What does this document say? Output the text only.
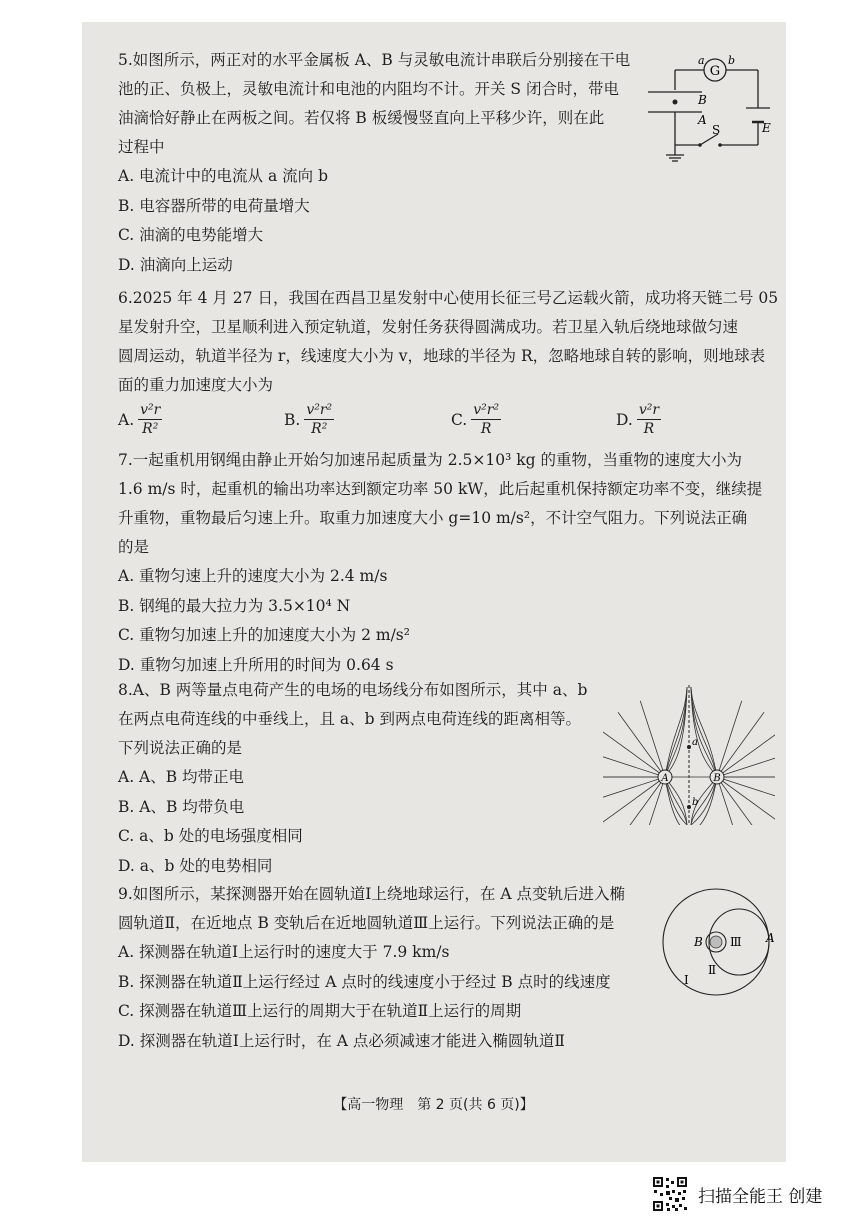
5.如图所示，两正对的水平金属板 A、B 与灵敏电流计串联后分别接在干电
池的正、负极上，灵敏电流计和电池的内阻均不计。开关 S 闭合时，带电
油滴恰好静止在两板之间。若仅将 B 板缓慢竖直向上平移少许，则在此
过程中
A. 电流计中的电流从 a 流向 b
B. 电容器所带的电荷量增大
C. 油滴的电势能增大
D. 油滴向上运动
G
a b
B
A
S	E
6.2025 年 4 月 27 日，我国在西昌卫星发射中心使用长征三号乙运载火箭，成功将天链二号 05
星发射升空，卫星顺利进入预定轨道，发射任务获得圆满成功。若卫星入轨后绕地球做匀速
圆周运动，轨道半径为 r，线速度大小为 v，地球的半径为 R，忽略地球自转的影响，则地球表
面的重力加速度大小为
A. $\frac{\text{v²r}}{\text{R²}}$	B. $\frac{\text{v²r²}}{\text{R²}}$	C. $\frac{\text{v²r²}}{R}$	D. $\frac{\text{v²r}}{R}$
7.一起重机用钢绳由静止开始匀加速吊起质量为 2.5×10³ kg 的重物，当重物的速度大小为
1.6 m/s 时，起重机的输出功率达到额定功率 50 kW，此后起重机保持额定功率不变，继续提
升重物，重物最后匀速上升。取重力加速度大小 g=10 m/s²，不计空气阻力。下列说法正确
的是
A. 重物匀速上升的速度大小为 2.4 m/s
B. 钢绳的最大拉力为 3.5×10⁴ N
C. 重物匀加速上升的加速度大小为 2 m/s²
D. 重物匀加速上升所用的时间为 0.64 s
8.A、B 两等量点电荷产生的电场的电场线分布如图所示，其中 a、b
在两点电荷连线的中垂线上，且 a、b 到两点电荷连线的距离相等。
下列说法正确的是
A. A、B 均带正电
B. A、B 均带负电
C. a、b 处的电场强度相同
D. a、b 处的电势相同
A	B
a
b
9.如图所示，某探测器开始在圆轨道Ⅰ上绕地球运行，在 A 点变轨后进入椭
圆轨道Ⅱ，在近地点 B 变轨后在近地圆轨道Ⅲ上运行。下列说法正确的是
A. 探测器在轨道Ⅰ上运行时的速度大于 7.9 km/s
B. 探测器在轨道Ⅱ上运行经过 A 点时的线速度小于经过 B 点时的线速度
C. 探测器在轨道Ⅲ上运行的周期大于在轨道Ⅱ上运行的周期
D. 探测器在轨道Ⅰ上运行时，在 A 点必须减速才能进入椭圆轨道Ⅱ
B Ⅲ A
Ⅱ
Ⅰ
【高一物理　第 2 页(共 6 页)】
扫描全能王 创建
